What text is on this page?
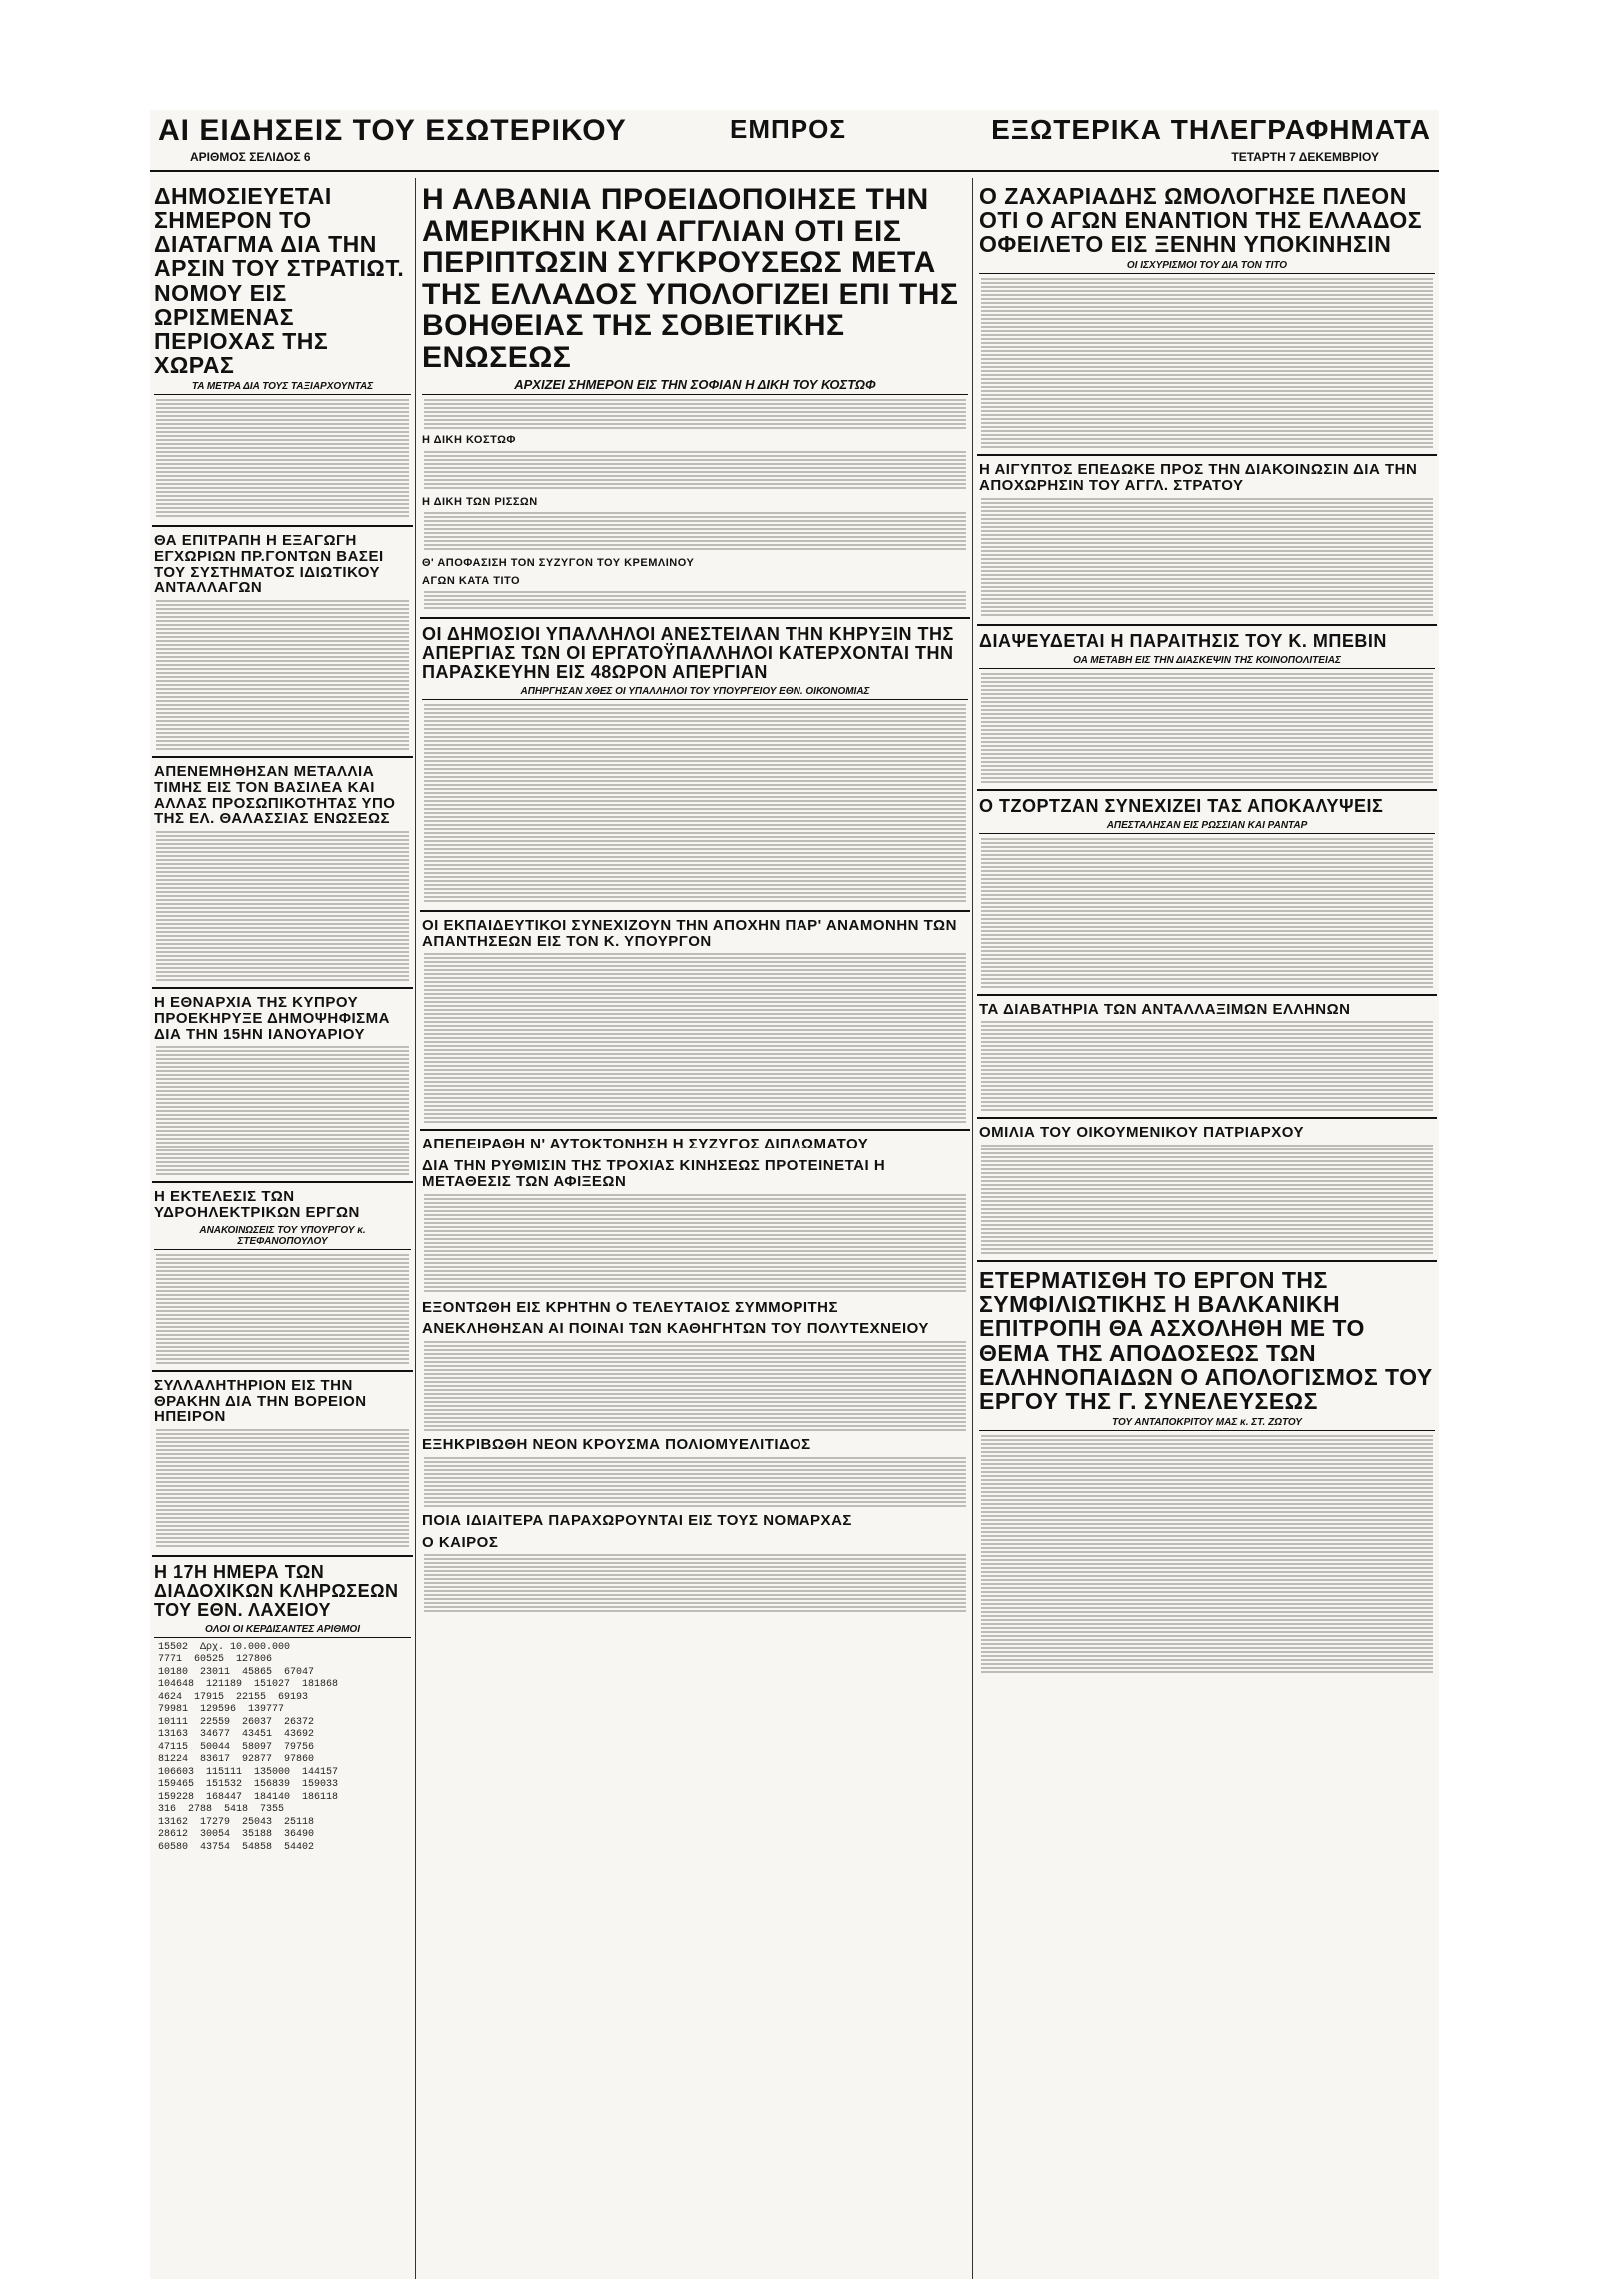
ΑΙ ΕΙΔΗΣΕΙΣ ΤΟΥ ΕΣΩΤΕΡΙΚΟΥ
ΑΡΙΘΜΟΣ ΣΕΛΙΔΟΣ 6
ΕΜΠΡΟΣ	ΕΞΩΤΕΡΙΚΑ ΤΗΛΕΓΡΑΦΗΜΑΤΑ
ΤΕΤΑΡΤΗ 7 ΔΕΚΕΜΒΡΙΟΥ
ΔΗΜΟΣΙΕΥΕΤΑΙ ΣΗΜΕΡΟΝ ΤΟ ΔΙΑΤΑΓΜΑ ΔΙΑ ΤΗΝ ΑΡΣΙΝ ΤΟΥ ΣΤΡΑΤΙΩΤ. ΝΟΜΟΥ ΕΙΣ ΩΡΙΣΜΕΝΑΣ ΠΕΡΙΟΧΑΣ ΤΗΣ ΧΩΡΑΣ
ΤΑ ΜΕΤΡΑ ΔΙΑ ΤΟΥΣ ΤΑΞΙΑΡΧΟΥΝΤΑΣ
ΘΑ ΕΠΙΤΡΑΠΗ Η ΕΞΑΓΩΓΗ ΕΓΧΩΡΙΩΝ ΠΡ.ΓΟΝΤΩΝ ΒΑΣΕΙ ΤΟΥ ΣΥΣΤΗΜΑΤΟΣ ΙΔΙΩΤΙΚΟΥ ΑΝΤΑΛΛΑΓΩΝ
ΑΠΕΝΕΜΗΘΗΣΑΝ ΜΕΤΑΛΛΙΑ ΤΙΜΗΣ ΕΙΣ ΤΟΝ ΒΑΣΙΛΕΑ ΚΑΙ ΑΛΛΑΣ ΠΡΟΣΩΠΙΚΟΤΗΤΑΣ ΥΠΟ ΤΗΣ ΕΛ. ΘΑΛΑΣΣΙΑΣ ΕΝΩΣΕΩΣ
Η ΕΘΝΑΡΧΙΑ ΤΗΣ ΚΥΠΡΟΥ ΠΡΟΕΚΗΡΥΞΕ ΔΗΜΟΨΗΦΙΣΜΑ ΔΙΑ ΤΗΝ 15ΗΝ ΙΑΝΟΥΑΡΙΟΥ
Η ΕΚΤΕΛΕΣΙΣ ΤΩΝ ΥΔΡΟΗΛΕΚΤΡΙΚΩΝ ΕΡΓΩΝ
ΑΝΑΚΟΙΝΩΣΕΙΣ ΤΟΥ ΥΠΟΥΡΓΟΥ κ. ΣΤΕΦΑΝΟΠΟΥΛΟΥ
ΣΥΛΛΑΛΗΤΗΡΙΟΝ ΕΙΣ ΤΗΝ ΘΡΑΚΗΝ ΔΙΑ ΤΗΝ ΒΟΡΕΙΟΝ ΗΠΕΙΡΟΝ
Η 17Η ΗΜΕΡΑ ΤΩΝ ΔΙΑΔΟΧΙΚΩΝ ΚΛΗΡΩΣΕΩΝ ΤΟΥ ΕΘΝ. ΛΑΧΕΙΟΥ
ΟΛΟΙ ΟΙ ΚΕΡΔΙΣΑΝΤΕΣ ΑΡΙΘΜΟΙ
15502  Δρχ. 10.000.000
7771  60525  127806
10180  23011  45865  67047
104648  121189  151027  181868
4624  17915  22155  69193
79981  129596  139777
10111  22559  26037  26372
13163  34677  43451  43692
47115  50044  58097  79756
81224  83617  92877  97860
106603  115111  135000  144157
159465  151532  156839  159033
159228  168447  184140  186118
316  2788  5418  7355
13162  17279  25043  25118
28612  30054  35188  36490
60580  43754  54858  54402
Η ΑΛΒΑΝΙΑ ΠΡΟΕΙΔΟΠΟΙΗΣΕ ΤΗΝ ΑΜΕΡΙΚΗΝ ΚΑΙ ΑΓΓΛΙΑΝ ΟΤΙ ΕΙΣ ΠΕΡΙΠΤΩΣΙΝ ΣΥΓΚΡΟΥΣΕΩΣ ΜΕΤΑ ΤΗΣ ΕΛΛΑΔΟΣ ΥΠΟΛΟΓΙΖΕΙ ΕΠΙ ΤΗΣ ΒΟΗΘΕΙΑΣ ΤΗΣ ΣΟΒΙΕΤΙΚΗΣ ΕΝΩΣΕΩΣ
ΑΡΧΙΖΕΙ ΣΗΜΕΡΟΝ ΕΙΣ ΤΗΝ ΣΟΦΙΑΝ Η ΔΙΚΗ ΤΟΥ ΚΟΣΤΩΦ
Η ΔΙΚΗ ΚΟΣΤΩΦ
Η ΔΙΚΗ ΤΩΝ ΡΙΣΣΩΝ
Θ' ΑΠΟΦΑΣΙΣΗ ΤΟΝ ΣΥΖΥΓΟΝ ΤΟΥ ΚΡΕΜΛΙΝΟΥ
ΑΓΩΝ ΚΑΤΑ ΤΙΤΟ
ΟΙ ΔΗΜΟΣΙΟΙ ΥΠΑΛΛΗΛΟΙ ΑΝΕΣΤΕΙΛΑΝ ΤΗΝ ΚΗΡΥΞΙΝ ΤΗΣ ΑΠΕΡΓΙΑΣ ΤΩΝ ΟΙ ΕΡΓΑΤΟΫΠΑΛΛΗΛΟΙ ΚΑΤΕΡΧΟΝΤΑΙ ΤΗΝ ΠΑΡΑΣΚΕΥΗΝ ΕΙΣ 48ΩΡΟΝ ΑΠΕΡΓΙΑΝ
ΑΠΗΡΓΗΣΑΝ ΧΘΕΣ ΟΙ ΥΠΑΛΛΗΛΟΙ ΤΟΥ ΥΠΟΥΡΓΕΙΟΥ ΕΘΝ. ΟΙΚΟΝΟΜΙΑΣ
ΟΙ ΕΚΠΑΙΔΕΥΤΙΚΟΙ ΣΥΝΕΧΙΖΟΥΝ ΤΗΝ ΑΠΟΧΗΝ ΠΑΡ' ΑΝΑΜΟΝΗΝ ΤΩΝ ΑΠΑΝΤΗΣΕΩΝ ΕΙΣ ΤΟΝ Κ. ΥΠΟΥΡΓΟΝ
ΑΠΕΠΕΙΡΑΘΗ Ν' ΑΥΤΟΚΤΟΝΗΣΗ Η ΣΥΖΥΓΟΣ ΔΙΠΛΩΜΑΤΟΥ
ΔΙΑ ΤΗΝ ΡΥΘΜΙΣΙΝ ΤΗΣ ΤΡΟΧΙΑΣ ΚΙΝΗΣΕΩΣ ΠΡΟΤΕΙΝΕΤΑΙ Η ΜΕΤΑΘΕΣΙΣ ΤΩΝ ΑΦΙΞΕΩΝ
ΕΞΟΝΤΩΘΗ ΕΙΣ ΚΡΗΤΗΝ Ο ΤΕΛΕΥΤΑΙΟΣ ΣΥΜΜΟΡΙΤΗΣ
ΑΝΕΚΛΗΘΗΣΑΝ ΑΙ ΠΟΙΝΑΙ ΤΩΝ ΚΑΘΗΓΗΤΩΝ ΤΟΥ ΠΟΛΥΤΕΧΝΕΙΟΥ
ΕΞΗΚΡΙΒΩΘΗ ΝΕΟΝ ΚΡΟΥΣΜΑ ΠΟΛΙΟΜΥΕΛΙΤΙΔΟΣ
ΠΟΙΑ ΙΔΙΑΙΤΕΡΑ ΠΑΡΑΧΩΡΟΥΝΤΑΙ ΕΙΣ ΤΟΥΣ ΝΟΜΑΡΧΑΣ
Ο ΚΑΙΡΟΣ
Ο ΖΑΧΑΡΙΑΔΗΣ ΩΜΟΛΟΓΗΣΕ ΠΛΕΟΝ ΟΤΙ Ο ΑΓΩΝ ΕΝΑΝΤΙΟΝ ΤΗΣ ΕΛΛΑΔΟΣ ΟΦΕΙΛΕΤΟ ΕΙΣ ΞΕΝΗΝ ΥΠΟΚΙΝΗΣΙΝ
ΟΙ ΙΣΧΥΡΙΣΜΟΙ ΤΟΥ ΔΙΑ ΤΟΝ ΤΙΤΟ
Η ΑΙΓΥΠΤΟΣ ΕΠΕΔΩΚΕ ΠΡΟΣ ΤΗΝ ΔΙΑΚΟΙΝΩΣΙΝ ΔΙΑ ΤΗΝ ΑΠΟΧΩΡΗΣΙΝ ΤΟΥ ΑΓΓΛ. ΣΤΡΑΤΟΥ
ΔΙΑΨΕΥΔΕΤΑΙ Η ΠΑΡΑΙΤΗΣΙΣ ΤΟΥ Κ. ΜΠΕΒΙΝ
ΟΑ ΜΕΤΑΒΗ ΕΙΣ ΤΗΝ ΔΙΑΣΚΕΨΙΝ ΤΗΣ ΚΟΙΝΟΠΟΛΙΤΕΙΑΣ
Ο ΤΖΟΡΤΖΑΝ ΣΥΝΕΧΙΖΕΙ ΤΑΣ ΑΠΟΚΑΛΥΨΕΙΣ
ΑΠΕΣΤΑΛΗΣΑΝ ΕΙΣ ΡΩΣΣΙΑΝ ΚΑΙ ΡΑΝΤΑΡ
ΤΑ ΔΙΑΒΑΤΗΡΙΑ ΤΩΝ ΑΝΤΑΛΛΑΞΙΜΩΝ ΕΛΛΗΝΩΝ
ΟΜΙΛΙΑ ΤΟΥ ΟΙΚΟΥΜΕΝΙΚΟΥ ΠΑΤΡΙΑΡΧΟΥ
ΕΤΕΡΜΑΤΙΣΘΗ ΤΟ ΕΡΓΟΝ ΤΗΣ ΣΥΜΦΙΛΙΩΤΙΚΗΣ Η ΒΑΛΚΑΝΙΚΗ ΕΠΙΤΡΟΠΗ ΘΑ ΑΣΧΟΛΗΘΗ ΜΕ ΤΟ ΘΕΜΑ ΤΗΣ ΑΠΟΔΟΣΕΩΣ ΤΩΝ ΕΛΛΗΝΟΠΑΙΔΩΝ Ο ΑΠΟΛΟΓΙΣΜΟΣ ΤΟΥ ΕΡΓΟΥ ΤΗΣ Γ. ΣΥΝΕΛΕΥΣΕΩΣ
ΤΟΥ ΑΝΤΑΠΟΚΡΙΤΟΥ ΜΑΣ κ. ΣΤ. ΖΩΤΟΥ
